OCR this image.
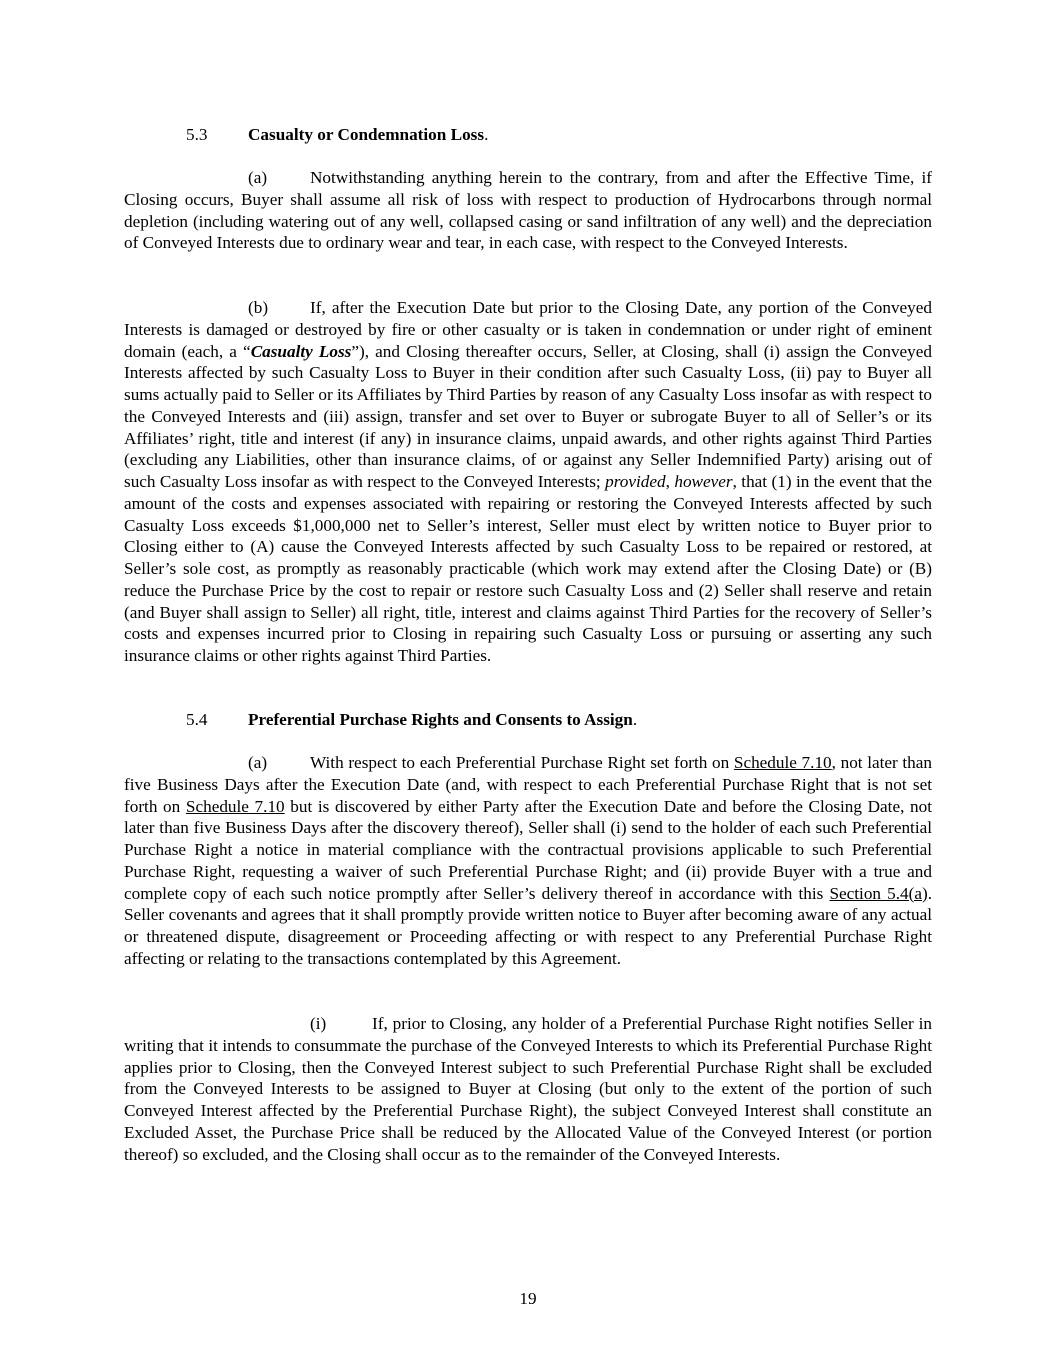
5.3 Casualty or Condemnation Loss.
(a) Notwithstanding anything herein to the contrary, from and after the Effective Time, if Closing occurs, Buyer shall assume all risk of loss with respect to production of Hydrocarbons through normal depletion (including watering out of any well, collapsed casing or sand infiltration of any well) and the depreciation of Conveyed Interests due to ordinary wear and tear, in each case, with respect to the Conveyed Interests.
(b) If, after the Execution Date but prior to the Closing Date, any portion of the Conveyed Interests is damaged or destroyed by fire or other casualty or is taken in condemnation or under right of eminent domain (each, a “Casualty Loss”), and Closing thereafter occurs, Seller, at Closing, shall (i) assign the Conveyed Interests affected by such Casualty Loss to Buyer in their condition after such Casualty Loss, (ii) pay to Buyer all sums actually paid to Seller or its Affiliates by Third Parties by reason of any Casualty Loss insofar as with respect to the Conveyed Interests and (iii) assign, transfer and set over to Buyer or subrogate Buyer to all of Seller’s or its Affiliates’ right, title and interest (if any) in insurance claims, unpaid awards, and other rights against Third Parties (excluding any Liabilities, other than insurance claims, of or against any Seller Indemnified Party) arising out of such Casualty Loss insofar as with respect to the Conveyed Interests; provided, however, that (1) in the event that the amount of the costs and expenses associated with repairing or restoring the Conveyed Interests affected by such Casualty Loss exceeds $1,000,000 net to Seller’s interest, Seller must elect by written notice to Buyer prior to Closing either to (A) cause the Conveyed Interests affected by such Casualty Loss to be repaired or restored, at Seller’s sole cost, as promptly as reasonably practicable (which work may extend after the Closing Date) or (B) reduce the Purchase Price by the cost to repair or restore such Casualty Loss and (2) Seller shall reserve and retain (and Buyer shall assign to Seller) all right, title, interest and claims against Third Parties for the recovery of Seller’s costs and expenses incurred prior to Closing in repairing such Casualty Loss or pursuing or asserting any such insurance claims or other rights against Third Parties.
5.4 Preferential Purchase Rights and Consents to Assign.
(a) With respect to each Preferential Purchase Right set forth on Schedule 7.10, not later than five Business Days after the Execution Date (and, with respect to each Preferential Purchase Right that is not set forth on Schedule 7.10 but is discovered by either Party after the Execution Date and before the Closing Date, not later than five Business Days after the discovery thereof), Seller shall (i) send to the holder of each such Preferential Purchase Right a notice in material compliance with the contractual provisions applicable to such Preferential Purchase Right, requesting a waiver of such Preferential Purchase Right; and (ii) provide Buyer with a true and complete copy of each such notice promptly after Seller’s delivery thereof in accordance with this Section 5.4(a). Seller covenants and agrees that it shall promptly provide written notice to Buyer after becoming aware of any actual or threatened dispute, disagreement or Proceeding affecting or with respect to any Preferential Purchase Right affecting or relating to the transactions contemplated by this Agreement.
(i)	If, prior to Closing, any holder of a Preferential Purchase Right notifies Seller in writing that it intends to consummate the purchase of the Conveyed Interests to which its Preferential Purchase Right applies prior to Closing, then the Conveyed Interest subject to such Preferential Purchase Right shall be excluded from the Conveyed Interests to be assigned to Buyer at Closing (but only to the extent of the portion of such Conveyed Interest affected by the Preferential Purchase Right), the subject Conveyed Interest shall constitute an Excluded Asset, the Purchase Price shall be reduced by the Allocated Value of the Conveyed Interest (or portion thereof) so excluded, and the Closing shall occur as to the remainder of the Conveyed Interests.
19
